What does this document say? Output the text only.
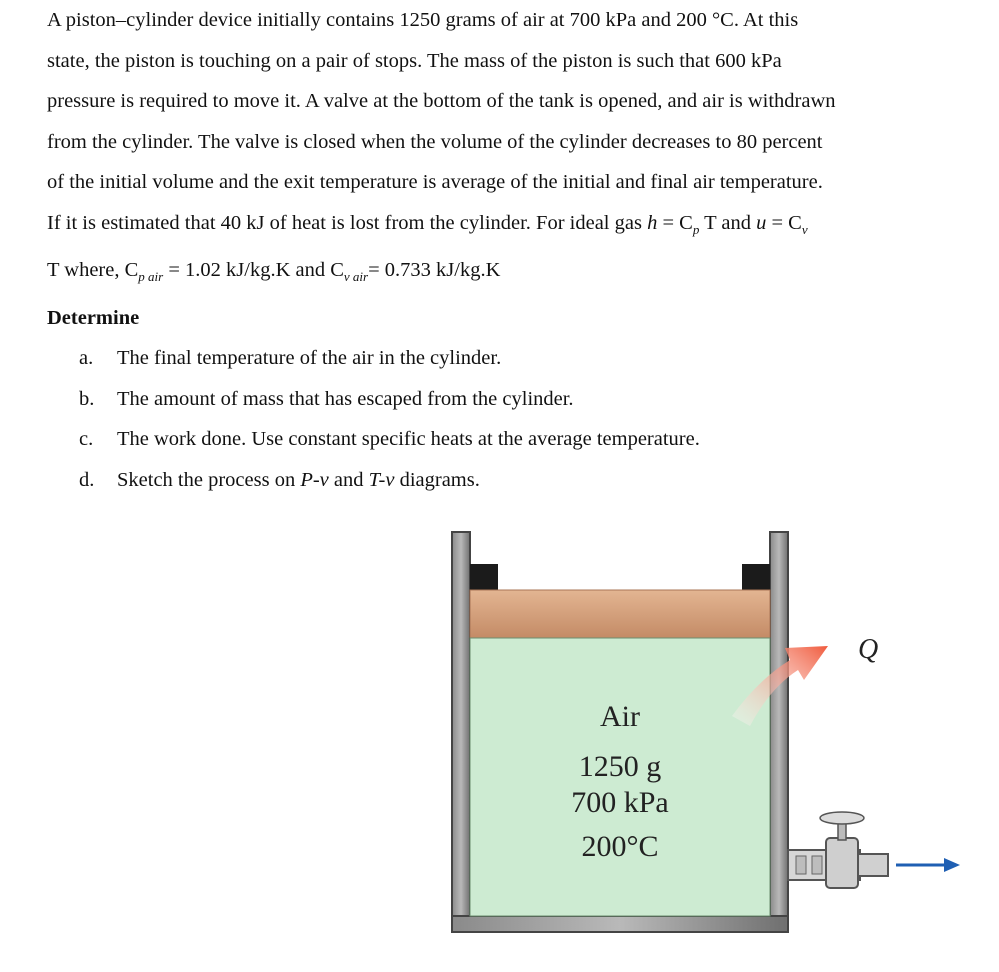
A piston–cylinder device initially contains 1250 grams of air at 700 kPa and 200 °C. At this
state, the piston is touching on a pair of stops. The mass of the piston is such that 600 kPa
pressure is required to move it. A valve at the bottom of the tank is opened, and air is withdrawn
from the cylinder. The valve is closed when the volume of the cylinder decreases to 80 percent
of the initial volume and the exit temperature is average of the initial and final air temperature.
If it is estimated that 40 kJ of heat is lost from the cylinder. For ideal gas $h = C_p$ T and $u = C_v$
T where, $C_{p air} = 1.02$ kJ/kg.K and $C_{v air}= 0.733$ kJ/kg.K

Determine
a. The final temperature of the air in the cylinder.
b. The amount of mass that has escaped from the cylinder.
c. The work done. Use constant specific heats at the average temperature.
d. Sketch the process on P-v and T-v diagrams.
Air
1250 g
700 kPa
200°C
Q
